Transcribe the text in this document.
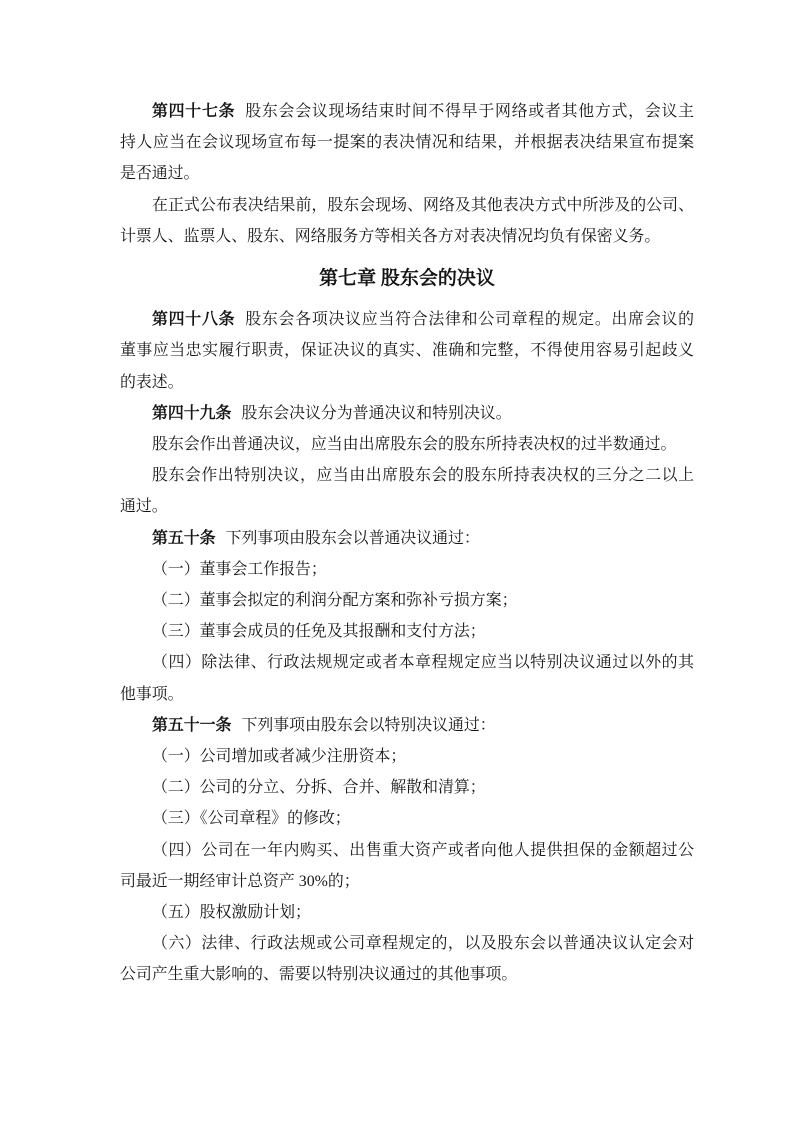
第四十七条 股东会会议现场结束时间不得早于网络或者其他方式，会议主
持人应当在会议现场宣布每一提案的表决情况和结果，并根据表决结果宣布提案
是否通过。
在正式公布表决结果前，股东会现场、网络及其他表决方式中所涉及的公司、
计票人、监票人、股东、网络服务方等相关各方对表决情况均负有保密义务。
第七章 股东会的决议
第四十八条 股东会各项决议应当符合法律和公司章程的规定。出席会议的
董事应当忠实履行职责，保证决议的真实、准确和完整，不得使用容易引起歧义
的表述。
第四十九条 股东会决议分为普通决议和特别决议。
股东会作出普通决议，应当由出席股东会的股东所持表决权的过半数通过。
股东会作出特别决议，应当由出席股东会的股东所持表决权的三分之二以上
通过。
第五十条 下列事项由股东会以普通决议通过：
（一）董事会工作报告；
（二）董事会拟定的利润分配方案和弥补亏损方案；
（三）董事会成员的任免及其报酬和支付方法；
（四）除法律、行政法规规定或者本章程规定应当以特别决议通过以外的其
他事项。
第五十一条 下列事项由股东会以特别决议通过：
（一）公司增加或者减少注册资本；
（二）公司的分立、分拆、合并、解散和清算；
（三）《公司章程》的修改；
（四）公司在一年内购买、出售重大资产或者向他人提供担保的金额超过公
司最近一期经审计总资产 30%的；
（五）股权激励计划；
（六）法律、行政法规或公司章程规定的，以及股东会以普通决议认定会对
公司产生重大影响的、需要以特别决议通过的其他事项。
